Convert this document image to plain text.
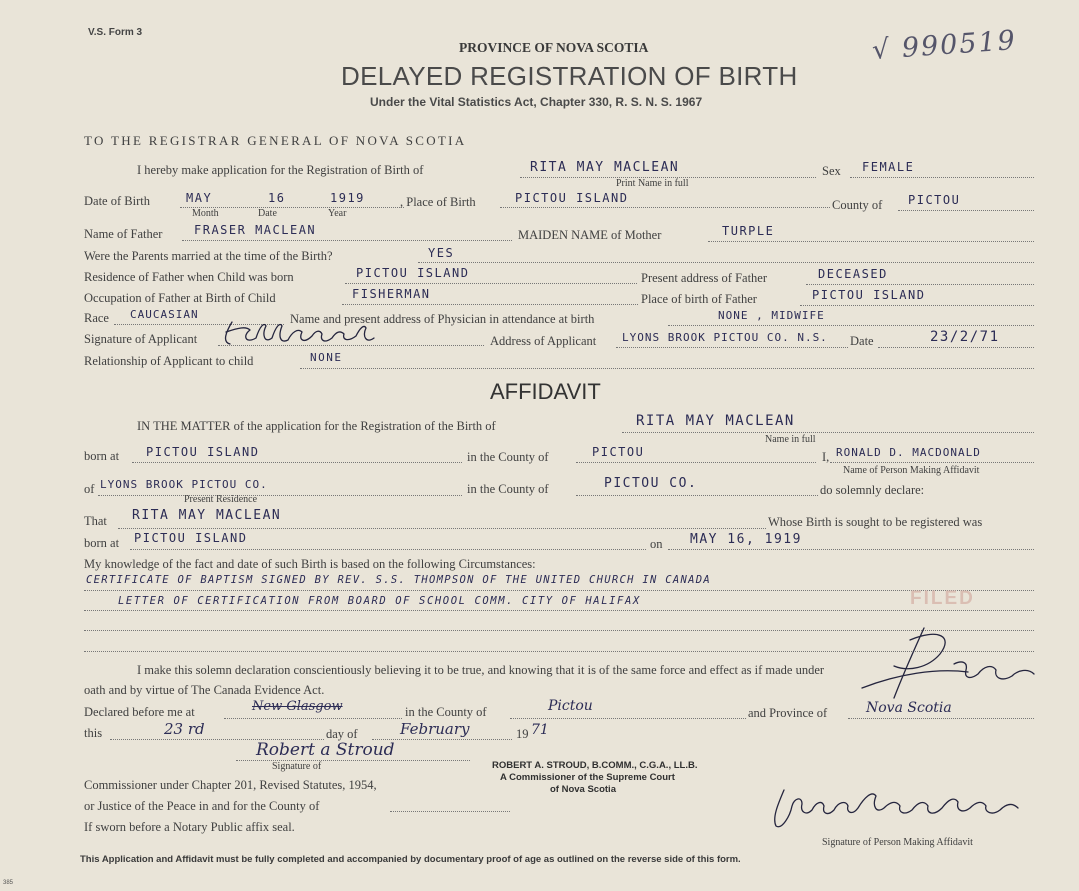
V.S. Form 3
PROVINCE OF NOVA SCOTIA
DELAYED REGISTRATION OF BIRTH
Under the Vital Statistics Act, Chapter 330, R. S. N. S. 1967
√ 990519
TO THE REGISTRAR GENERAL OF NOVA SCOTIA
I hereby make application for the Registration of Birth of	RITA MAY MACLEAN
Print Name in full
Sex FEMALE
Date of Birth	MAY	16	1919
Month	Date	Year
, Place of Birth	PICTOU ISLAND	County of PICTOU
Name of Father	FRASER MACLEAN	MAIDEN NAME of Mother	TURPLE
Were the Parents married at the time of the Birth?	YES
Residence of Father when Child was born	PICTOU ISLAND	Present address of Father	DECEASED
Occupation of Father at Birth of Child	FISHERMAN	Place of birth of Father	PICTOU ISLAND
Race CAUCASIAN	Name and present address of Physician in attendance at birth	NONE , MIDWIFE
Signature of Applicant	Address of Applicant LYONS BROOK PICTOU CO. N.S. Date	23/2/71
Relationship of Applicant to child	NONE
AFFIDAVIT
IN THE MATTER of the application for the Registration of the Birth of	RITA MAY MACLEAN
Name in full
born at PICTOU ISLAND	in the County of	PICTOU	I, RONALD D. MACDONALD
Name of Person Making Affidavit
of LYONS BROOK PICTOU CO.
Present Residence
in the County of	PICTOU CO.	do solemnly declare:
That RITA MAY MACLEAN	Whose Birth is sought to be registered was
born at PICTOU ISLAND	on MAY 16, 1919
My knowledge of the fact and date of such Birth is based on the following Circumstances:
CERTIFICATE OF BAPTISM SIGNED BY REV. S.S. THOMPSON OF THE UNITED CHURCH IN CANADA
LETTER OF CERTIFICATION FROM BOARD OF SCHOOL COMM. CITY OF HALIFAX	FILED
I make this solemn declaration conscientiously believing it to be true, and knowing that it is of the same force and effect as if made under
oath and by virtue of The Canada Evidence Act.
Declared before me at	New Glasgow	in the County of	Pictou	and Province of	Nova Scotia
this	23 rd	day of	February	19 71
Robert a Stroud
Signature of	ROBERT A. STROUD, B.COMM., C.G.A., LL.B.
A Commissioner of the Supreme Court
of Nova Scotia
Commissioner under Chapter 201, Revised Statutes, 1954,
or Justice of the Peace in and for the County of
If sworn before a Notary Public affix seal.
Signature of Person Making Affidavit
This Application and Affidavit must be fully completed and accompanied by documentary proof of age as outlined on the reverse side of this form.
385
